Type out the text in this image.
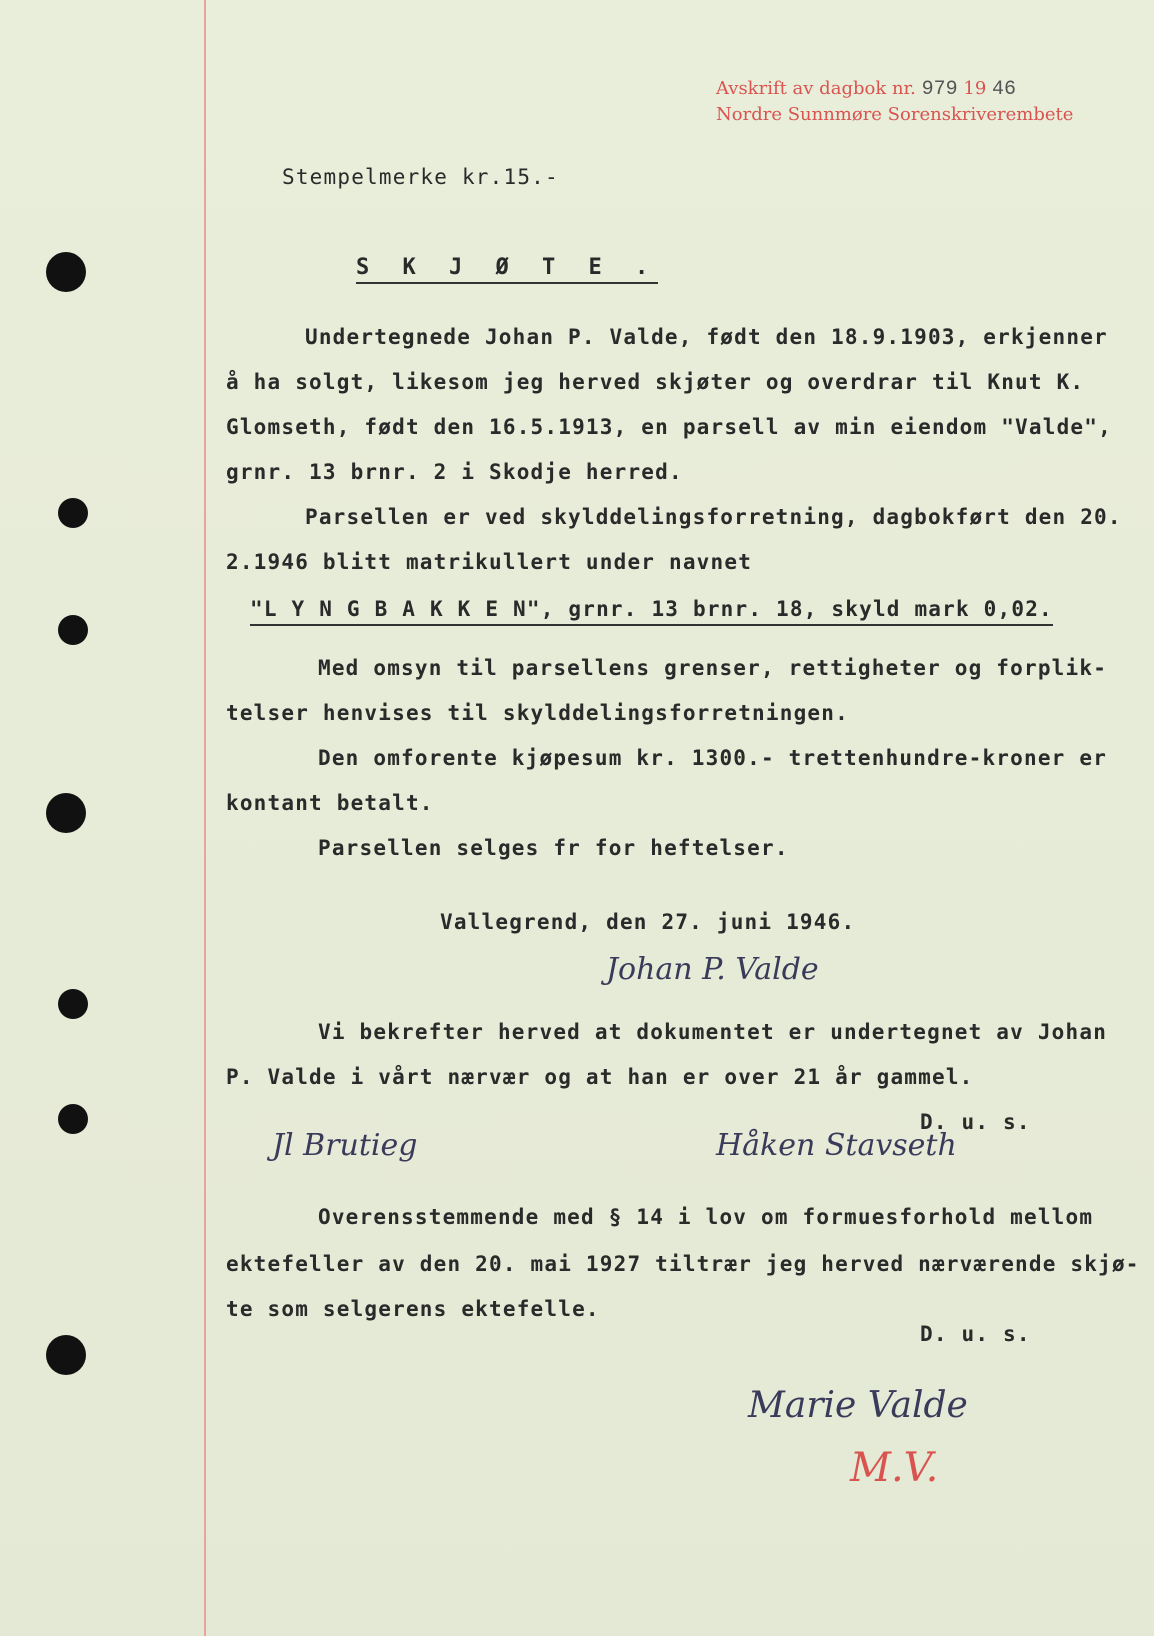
Avskrift av dagbok nr. 979 19 46
Nordre Sunnmøre Sorenskriverembete
Stempelmerke kr.15.-
S K J Ø T E .
Undertegnede Johan P. Valde, født den 18.9.1903, erkjenner
å ha solgt, likesom jeg herved skjøter og overdrar til Knut K.
Glomseth, født den 16.5.1913, en parsell av min eiendom "Valde",
grnr. 13 brnr. 2 i Skodje herred.
Parsellen er ved skylddelingsforretning, dagbokført den 20.
2.1946 blitt matrikullert under navnet
"L Y N G B A K K E N", grnr. 13 brnr. 18, skyld mark 0,02.
Med omsyn til parsellens grenser, rettigheter og forplik-
telser henvises til skylddelingsforretningen.
Den omforente kjøpesum kr. 1300.- trettenhundre-kroner er
kontant betalt.
Parsellen selges fr for heftelser.
Vallegrend, den 27. juni 1946.
Johan P. Valde
Vi bekrefter herved at dokumentet er undertegnet av Johan
P. Valde i vårt nærvær og at han er over 21 år gammel.
D. u. s.
Jl Brutieg	Håken Stavseth
Overensstemmende med § 14 i lov om formuesforhold mellom
ektefeller av den 20. mai 1927 tiltrær jeg herved nærværende skjø-
te som selgerens ektefelle.
D. u. s.
Marie Valde
M.V.
